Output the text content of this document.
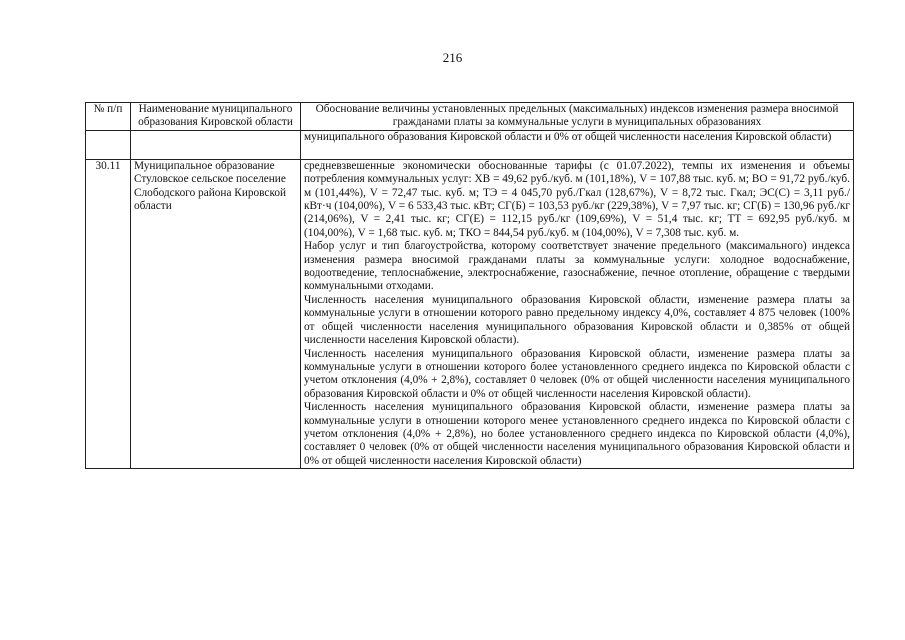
216
№ п/п	Наименование муниципального образования Кировской области	Обоснование величины установленных предельных (максимальных) индексов изменения размера вносимой гражданами платы за коммунальные услуги в муниципальных образованиях

		муниципального образования Кировской области и 0% от общей численности населения Кировской области)

30.11	Муниципальное образование Стуловское сельское поселение Слободского района Кировской области	средневзвешенные экономически обоснованные тарифы (с 01.07.2022), темпы их изменения и объемы потребления коммунальных услуг: ХВ = 49,62 руб./куб. м (101,18%), V = 107,88 тыс. куб. м; ВО = 91,72 руб./куб. м (101,44%), V = 72,47 тыс. куб. м; ТЭ = 4 045,70 руб./Гкал (128,67%), V = 8,72 тыс. Гкал; ЭС(С) = 3,11 руб./кВт·ч (104,00%), V = 6 533,43 тыс. кВт; СГ(Б) = 103,53 руб./кг (229,38%), V = 7,97 тыс. кг; СГ(Б) = 130,96 руб./кг (214,06%), V = 2,41 тыс. кг; СГ(Е) = 112,15 руб./кг (109,69%), V = 51,4 тыс. кг; ТТ = 692,95 руб./куб. м (104,00%), V = 1,68 тыс. куб. м; ТКО = 844,54 руб./куб. м (104,00%), V = 7,308 тыс. куб. м.

Набор услуг и тип благоустройства, которому соответствует значение предельного (максимального) индекса изменения размера вносимой гражданами платы за коммунальные услуги: холодное водоснабжение, водоотведение, теплоснабжение, электроснабжение, газоснабжение, печное отопление, обращение с твердыми коммунальными отходами.

Численность населения муниципального образования Кировской области, изменение размера платы за коммунальные услуги в отношении которого равно предельному индексу 4,0%, составляет 4 875 человек (100% от общей численности населения муниципального образования Кировской области и 0,385% от общей численности населения Кировской области).

Численность населения муниципального образования Кировской области, изменение размера платы за коммунальные услуги в отношении которого более установленного среднего индекса по Кировской области с учетом отклонения (4,0% + 2,8%), составляет 0 человек (0% от общей численности населения муниципального образования Кировской области и 0% от общей численности населения Кировской области).

Численность населения муниципального образования Кировской области, изменение размера платы за коммунальные услуги в отношении которого менее установленного среднего индекса по Кировской области с учетом отклонения (4,0% + 2,8%), но более установленного среднего индекса по Кировской области (4,0%), составляет 0 человек (0% от общей численности населения муниципального образования Кировской области и 0% от общей численности населения Кировской области)
